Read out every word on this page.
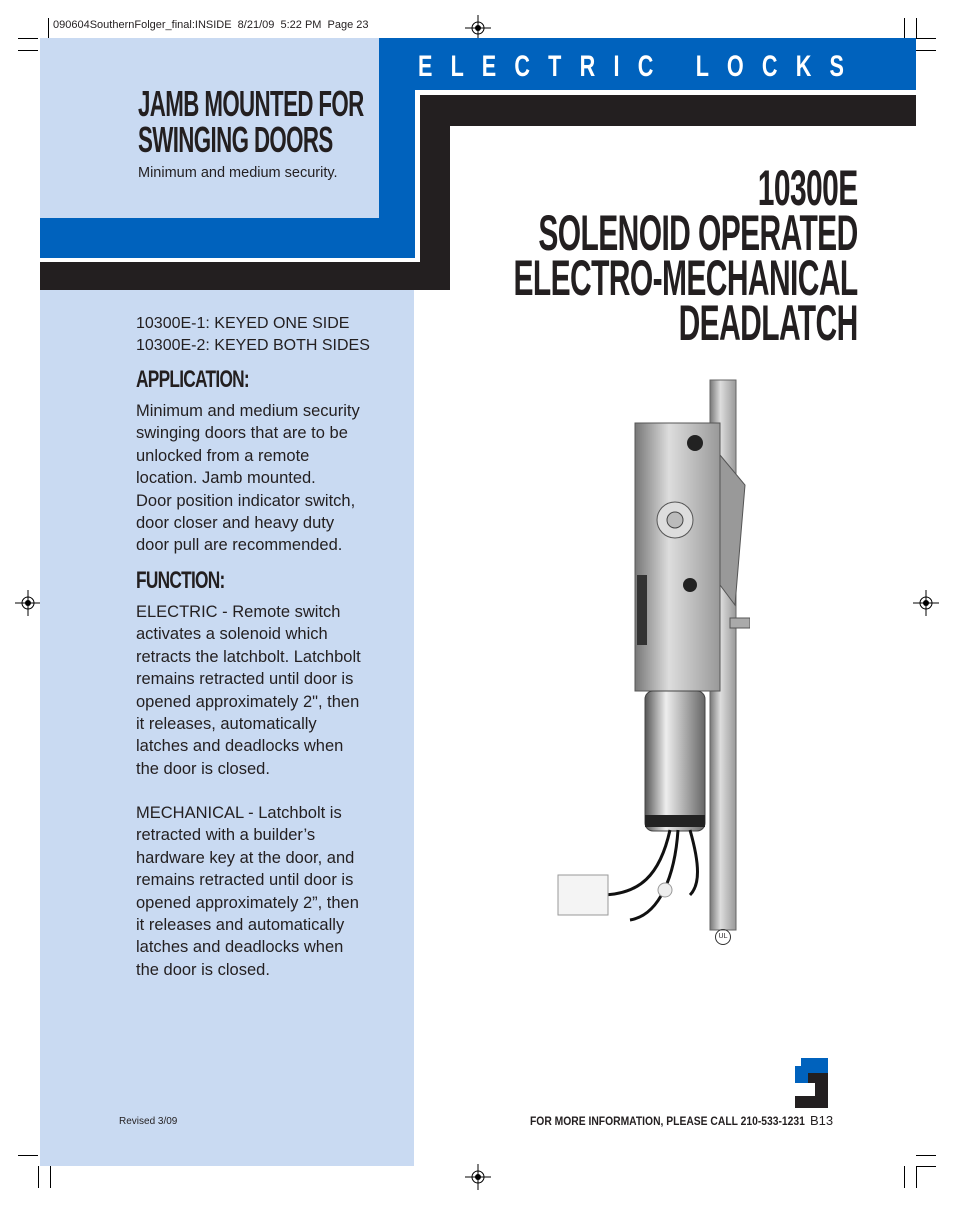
090604SouthernFolger_final:INSIDE  8/21/09  5:22 PM  Page 23
E L E C T R I C   L O C K S
JAMB MOUNTED FOR
SWINGING DOORS
Minimum and medium security.	10300E
SOLENOID OPERATED
ELECTRO-MECHANICAL
DEADLATCH
10300E-1: KEYED ONE SIDE
10300E-2: KEYED BOTH SIDES
APPLICATION:
Minimum and medium security
swinging doors that are to be
unlocked from a remote
location. Jamb mounted.
Door position indicator switch,
door closer and heavy duty
door pull are recommended.
FUNCTION:
ELECTRIC - Remote switch
activates a solenoid which
retracts the latchbolt. Latchbolt
remains retracted until door is
opened approximately 2", then
it releases, automatically
latches and deadlocks when
the door is closed.
MECHANICAL - Latchbolt is
retracted with a builder’s
hardware key at the door, and
remains retracted until door is
opened approximately 2”, then
it releases and automatically
latches and deadlocks when
the door is closed.
UL
Revised 3/09	FOR MORE INFORMATION, PLEASE CALL 210-533-1231 B13
